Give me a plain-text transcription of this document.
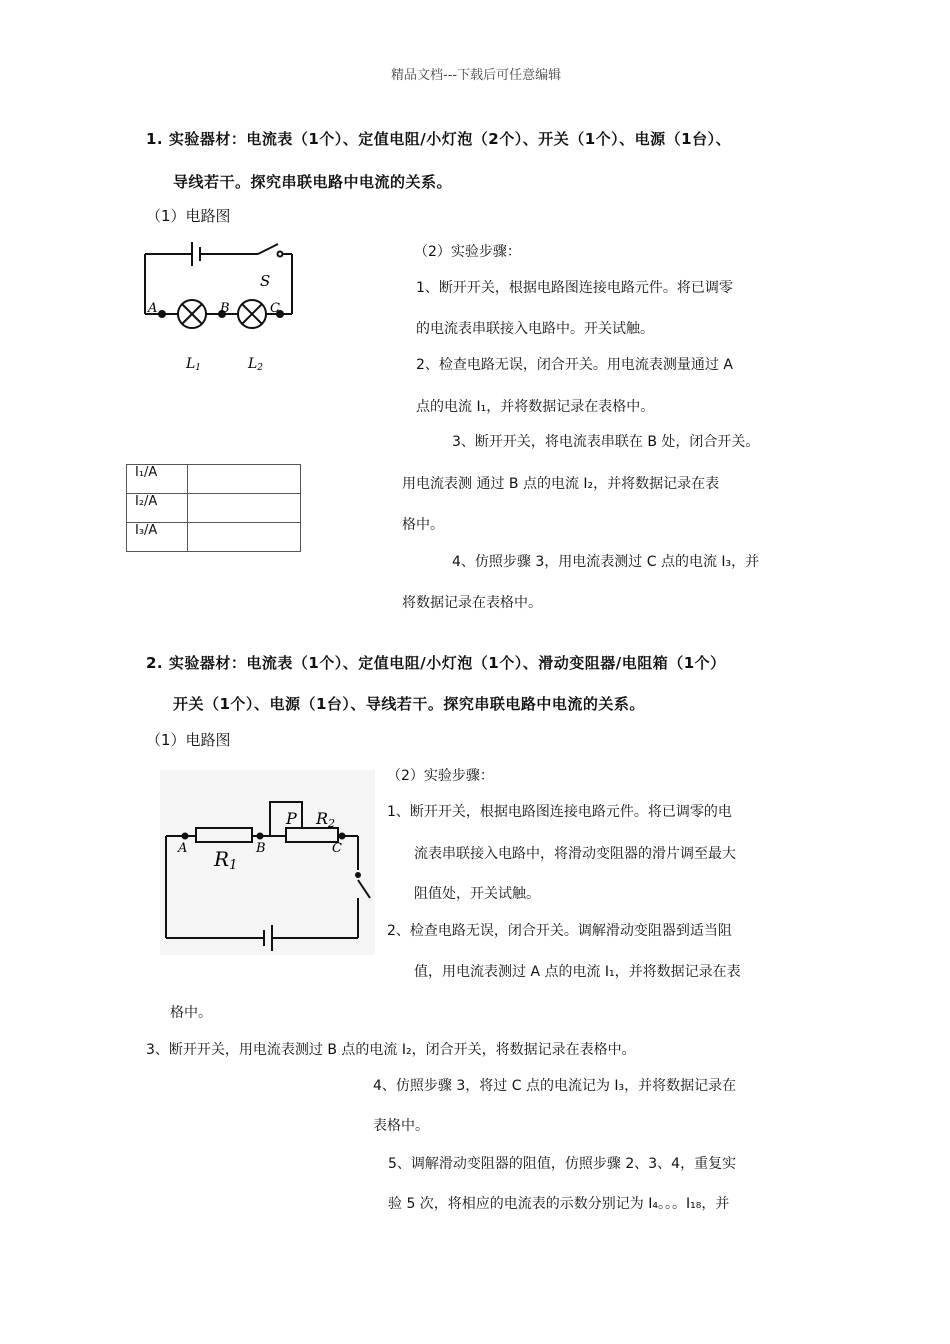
精品文档---下载后可任意编辑
1. 实验器材：电流表（1个）、定值电阻/小灯泡（2个）、开关（1个）、电源（1台）、
导线若干。探究串联电路中电流的关系。
（1）电路图
S
A	B	C
L1	L2
（2）实验步骤：
1、断开开关，根据电路图连接电路元件。将已调零
的电流表串联接入电路中。开关试触。
2、检查电路无误，闭合开关。用电流表测量通过 A
点的电流 I₁，并将数据记录在表格中。
3、断开开关，将电流表串联在 B 处，闭合开关。
用电流表测 通过 B 点的电流 I₂，并将数据记录在表
格中。
4、仿照步骤 3，用电流表测过 C 点的电流 I₃，并
将数据记录在表格中。
I₁/A	
I₂/A	
I₃/A	
2. 实验器材：电流表（1个）、定值电阻/小灯泡（1个）、滑动变阻器/电阻箱（1个）
开关（1个）、电源（1台）、导线若干。探究串联电路中电流的关系。
（1）电路图
（2）实验步骤：
A	B	C
R1
P R2
1、断开开关，根据电路图连接电路元件。将已调零的电
流表串联接入电路中，将滑动变阻器的滑片调至最大
阻值处，开关试触。
2、检查电路无误，闭合开关。调解滑动变阻器到适当阻
值，用电流表测过 A 点的电流 I₁，并将数据记录在表
格中。
3、断开开关，用电流表测过 B 点的电流 I₂，闭合开关，将数据记录在表格中。
4、仿照步骤 3，将过 C 点的电流记为 I₃，并将数据记录在
表格中。
5、调解滑动变阻器的阻值，仿照步骤 2、3、4，重复实
验 5 次，将相应的电流表的示数分别记为 I₄。。。I₁₈，并
